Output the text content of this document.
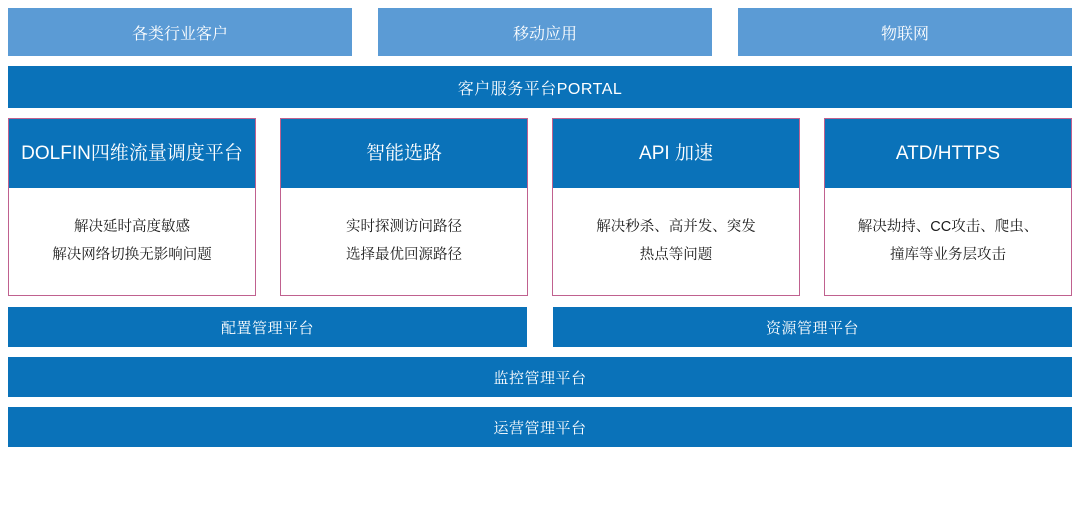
各类行业客户	移动应用	物联网
客户服务平台PORTAL
DOLFIN四维流量调度平台
解决延时高度敏感
解决网络切换无影响问题
智能选路
实时探测访问路径
选择最优回源路径
API 加速
解决秒杀、高并发、突发
热点等问题
ATD/HTTPS
解决劫持、CC攻击、爬虫、
撞库等业务层攻击
配置管理平台	资源管理平台
监控管理平台
运营管理平台
@稀土掘金技术社区
